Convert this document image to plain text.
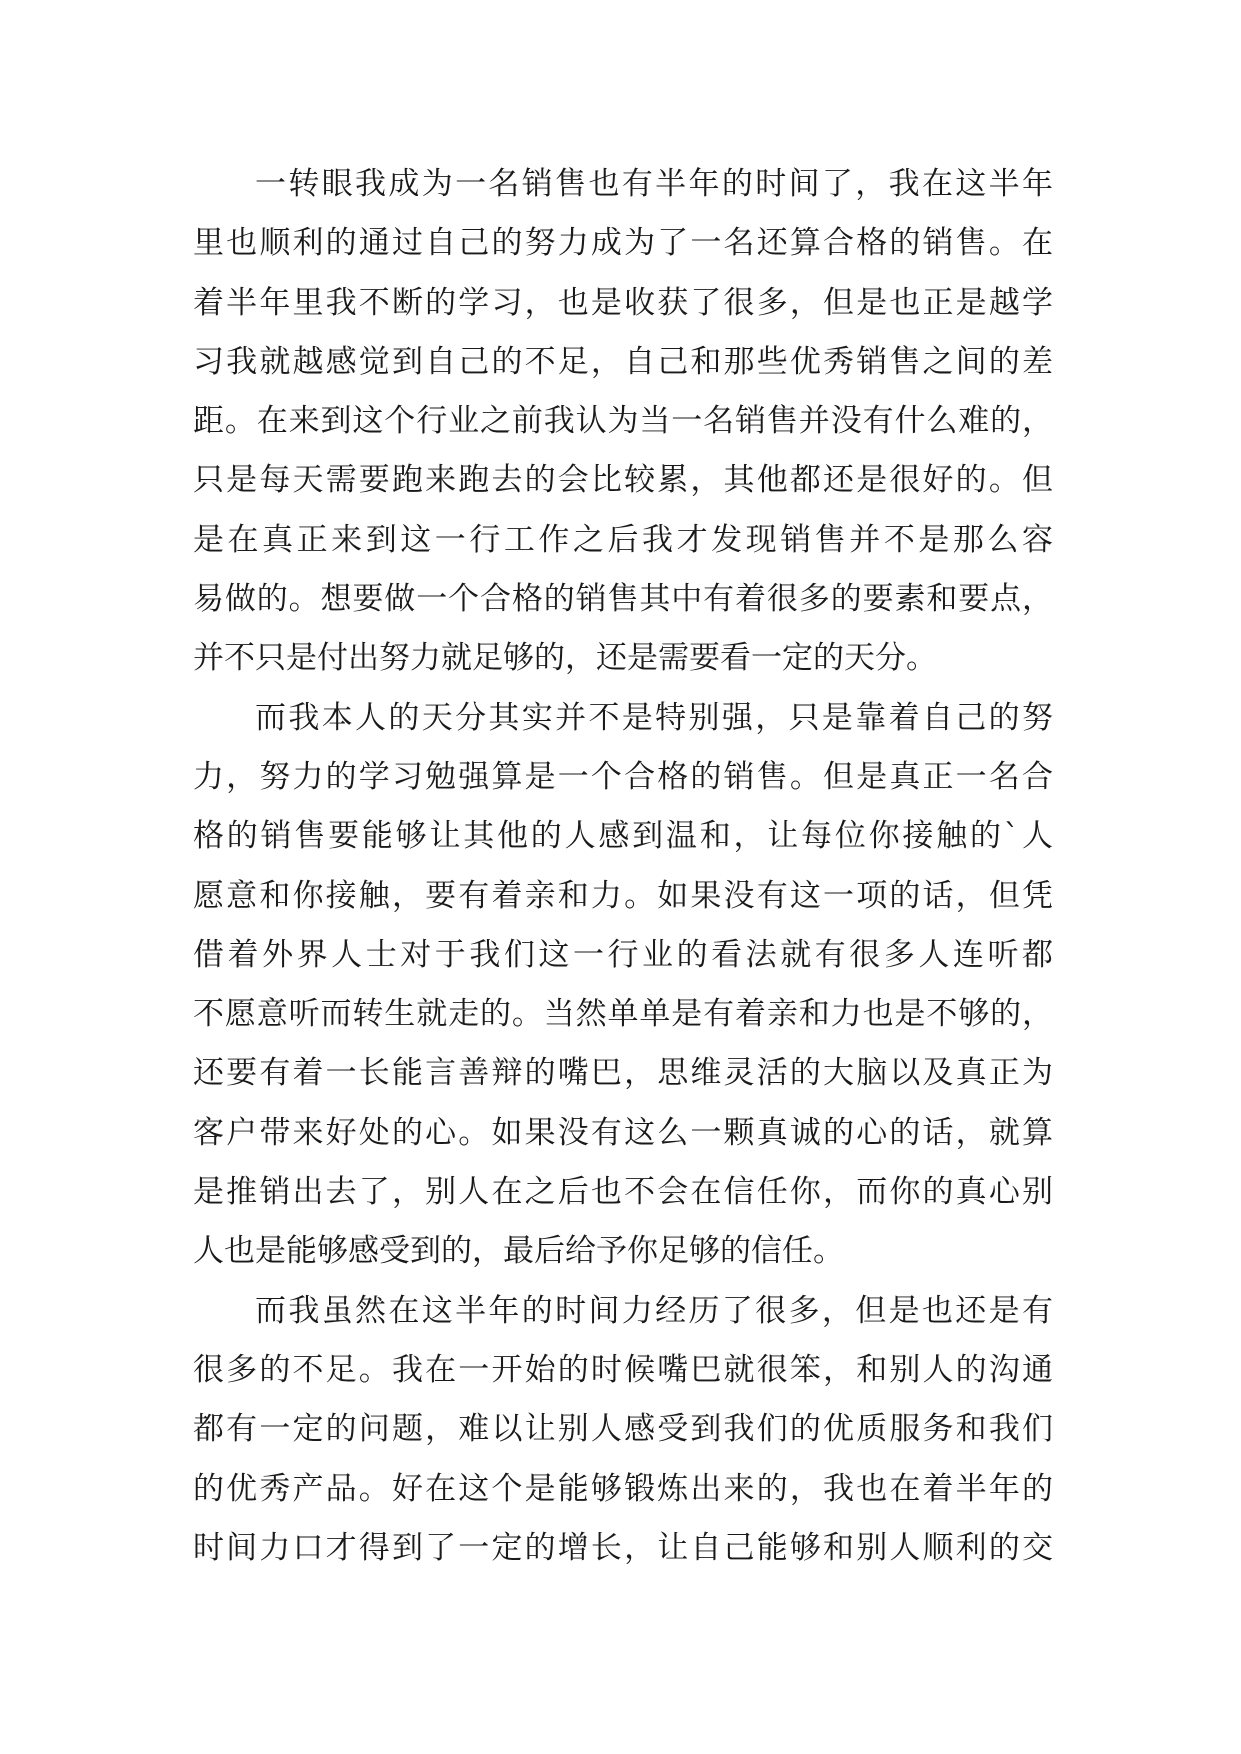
一转眼我成为一名销售也有半年的时间了，我在这半年
里也顺利的通过自己的努力成为了一名还算合格的销售。在
着半年里我不断的学习，也是收获了很多，但是也正是越学
习我就越感觉到自己的不足，自己和那些优秀销售之间的差
距。在来到这个行业之前我认为当一名销售并没有什么难的，
只是每天需要跑来跑去的会比较累，其他都还是很好的。但
是在真正来到这一行工作之后我才发现销售并不是那么容
易做的。想要做一个合格的销售其中有着很多的要素和要点，
并不只是付出努力就足够的，还是需要看一定的天分。
而我本人的天分其实并不是特别强，只是靠着自己的努
力，努力的学习勉强算是一个合格的销售。但是真正一名合
格的销售要能够让其他的人感到温和，让每位你接触的`人
愿意和你接触，要有着亲和力。如果没有这一项的话，但凭
借着外界人士对于我们这一行业的看法就有很多人连听都
不愿意听而转生就走的。当然单单是有着亲和力也是不够的，
还要有着一长能言善辩的嘴巴，思维灵活的大脑以及真正为
客户带来好处的心。如果没有这么一颗真诚的心的话，就算
是推销出去了，别人在之后也不会在信任你，而你的真心别
人也是能够感受到的，最后给予你足够的信任。
而我虽然在这半年的时间力经历了很多，但是也还是有
很多的不足。我在一开始的时候嘴巴就很笨，和别人的沟通
都有一定的问题，难以让别人感受到我们的优质服务和我们
的优秀产品。好在这个是能够锻炼出来的，我也在着半年的
时间力口才得到了一定的增长，让自己能够和别人顺利的交
